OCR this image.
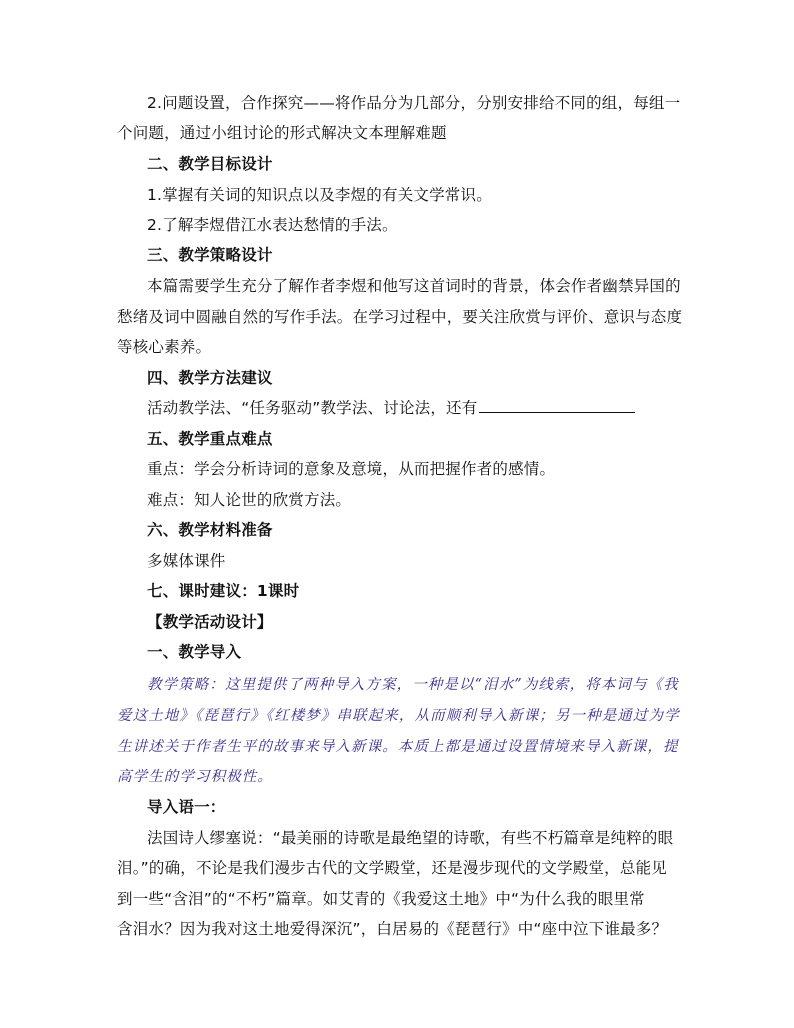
2.问题设置，合作探究——将作品分为几部分，分别安排给不同的组，每组一
个问题，通过小组讨论的形式解决文本理解难题
二、教学目标设计
1.掌握有关词的知识点以及李煜的有关文学常识。
2.了解李煜借江水表达愁情的手法。
三、教学策略设计
本篇需要学生充分了解作者李煜和他写这首词时的背景，体会作者幽禁异国的
愁绪及词中圆融自然的写作手法。在学习过程中，要关注欣赏与评价、意识与态度
等核心素养。
四、教学方法建议
活动教学法、“任务驱动”教学法、讨论法，还有
五、教学重点难点
重点：学会分析诗词的意象及意境，从而把握作者的感情。
难点：知人论世的欣赏方法。
六、教学材料准备
多媒体课件
七、课时建议：1课时
【教学活动设计】
一、教学导入
教学策略：这里提供了两种导入方案，一种是以“泪水”为线索，将本词与《我
爱这土地》《琵琶行》《红楼梦》串联起来，从而顺利导入新课；另一种是通过为学
生讲述关于作者生平的故事来导入新课。本质上都是通过设置情境来导入新课，提
高学生的学习积极性。
导入语一：
法国诗人缪塞说：“最美丽的诗歌是最绝望的诗歌，有些不朽篇章是纯粹的眼
泪。”的确，不论是我们漫步古代的文学殿堂，还是漫步现代的文学殿堂，总能见
到一些“含泪”的“不朽”篇章。如艾青的《我爱这土地》中“为什么我的眼里常
含泪水？因为我对这土地爱得深沉”，白居易的《琵琶行》中“座中泣下谁最多？
